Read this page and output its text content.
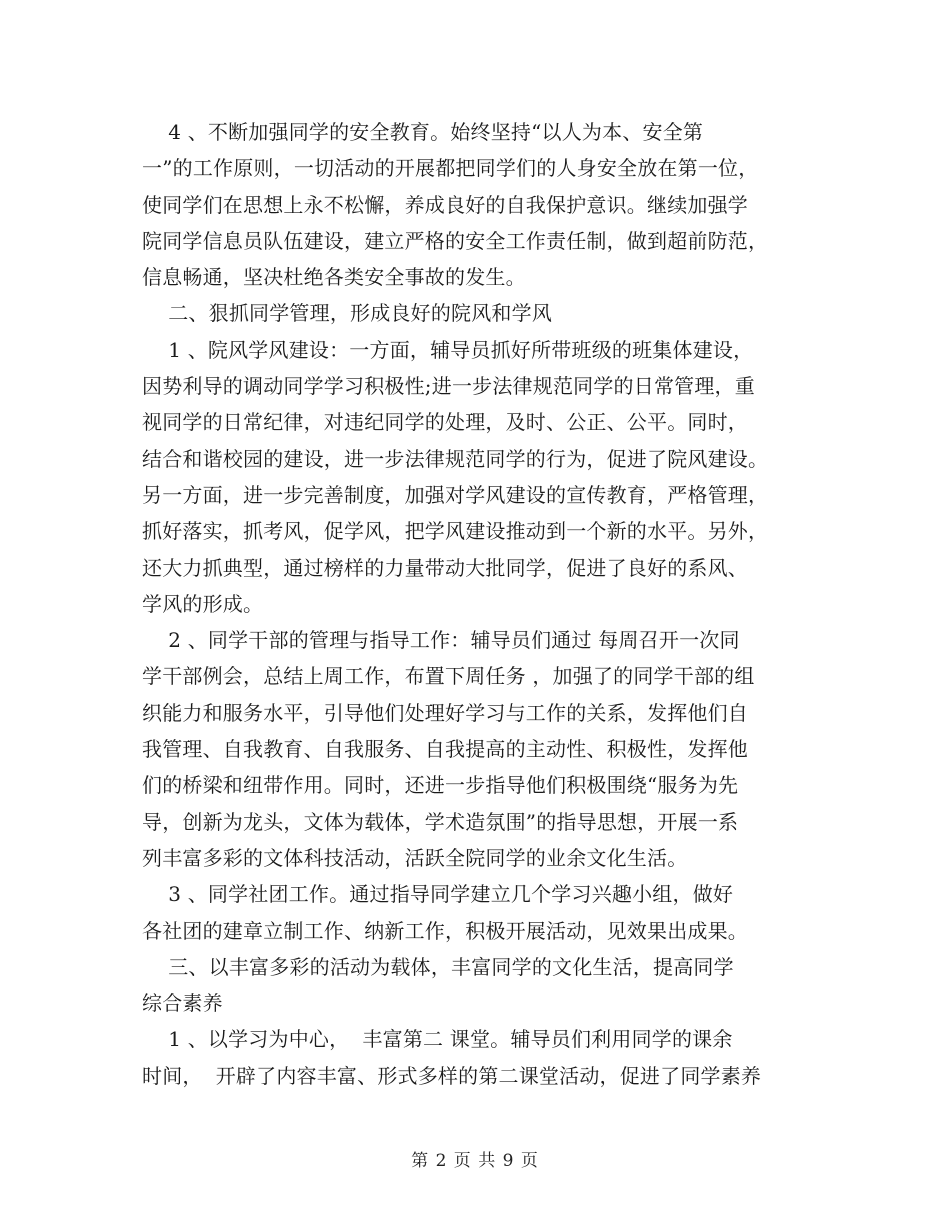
4 、不断加强同学的安全教育。始终坚持“以人为本、安全第
一”的工作原则，一切活动的开展都把同学们的人身安全放在第一位，
使同学们在思想上永不松懈，养成良好的自我保护意识。继续加强学
院同学信息员队伍建设，建立严格的安全工作责任制，做到超前防范，
信息畅通，坚决杜绝各类安全事故的发生。
二、狠抓同学管理，形成良好的院风和学风
1 、院风学风建设：一方面，辅导员抓好所带班级的班集体建设，
因势利导的调动同学学习积极性;进一步法律规范同学的日常管理，重
视同学的日常纪律，对违纪同学的处理，及时、公正、公平。同时，
结合和谐校园的建设，进一步法律规范同学的行为，促进了院风建设。
另一方面，进一步完善制度，加强对学风建设的宣传教育，严格管理，
抓好落实，抓考风，促学风，把学风建设推动到一个新的水平。另外，
还大力抓典型，通过榜样的力量带动大批同学，促进了良好的系风、
学风的形成。
2 、同学干部的管理与指导工作：辅导员们通过 每周召开一次同
学干部例会，总结上周工作，布置下周任务 ，加强了的同学干部的组
织能力和服务水平，引导他们处理好学习与工作的关系，发挥他们自
我管理、自我教育、自我服务、自我提高的主动性、积极性，发挥他
们的桥梁和纽带作用。同时，还进一步指导他们积极围绕“服务为先
导，创新为龙头，文体为载体，学术造氛围”的指导思想，开展一系
列丰富多彩的文体科技活动，活跃全院同学的业余文化生活。
3 、同学社团工作。通过指导同学建立几个学习兴趣小组，做好
各社团的建章立制工作、纳新工作，积极开展活动，见效果出成果。
三、以丰富多彩的活动为载体，丰富同学的文化生活，提高同学
综合素养
1 、以学习为中心，  丰富第二 课堂。辅导员们利用同学的课余
时间，  开辟了内容丰富、形式多样的第二课堂活动，促进了同学素养
第 2 页 共 9 页
